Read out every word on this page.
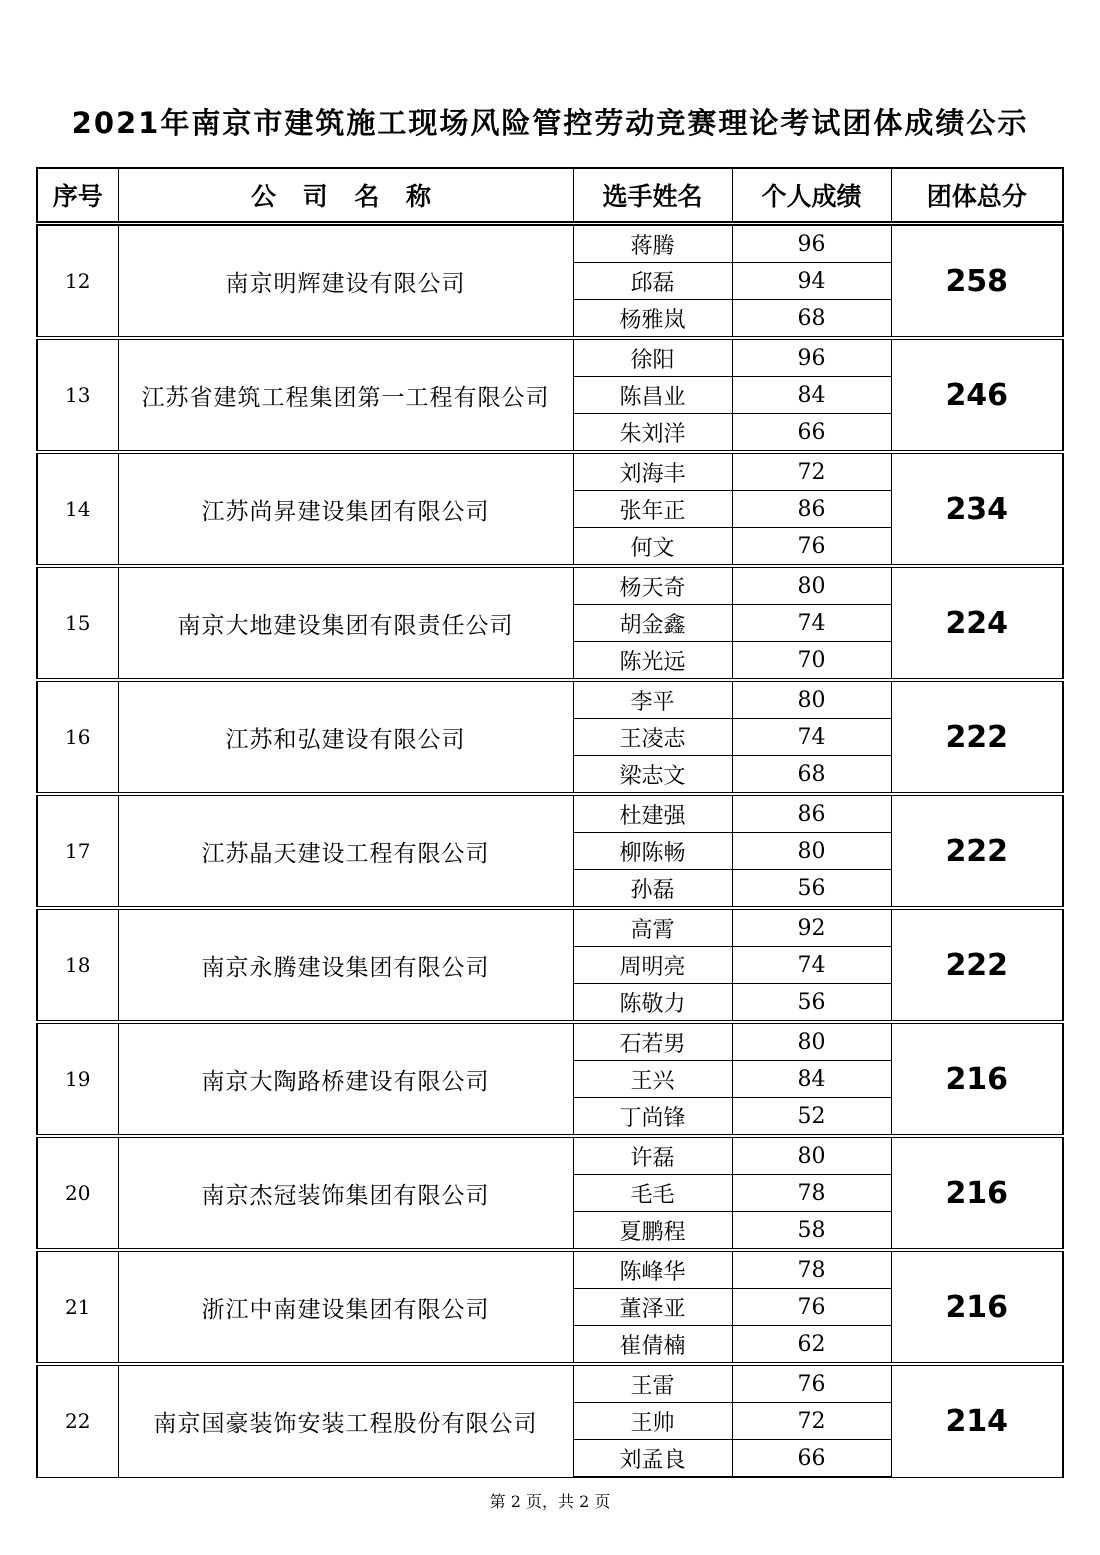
2021年南京市建筑施工现场风险管控劳动竞赛理论考试团体成绩公示
序号	公 司 名 称	选手姓名	个人成绩	团体总分
12	南京明辉建设有限公司	蒋腾	96	258
		邱磊	94	
		杨雅岚	68	
13	江苏省建筑工程集团第一工程有限公司	徐阳	96	246
		陈昌业	84	
		朱刘洋	66	
14	江苏尚昇建设集团有限公司	刘海丰	72	234
		张年正	86	
		何文	76	
15	南京大地建设集团有限责任公司	杨天奇	80	224
		胡金鑫	74	
		陈光远	70	
16	江苏和弘建设有限公司	李平	80	222
		王凌志	74	
		梁志文	68	
17	江苏晶天建设工程有限公司	杜建强	86	222
		柳陈畅	80	
		孙磊	56	
18	南京永腾建设集团有限公司	高霄	92	222
		周明亮	74	
		陈敬力	56	
19	南京大陶路桥建设有限公司	石若男	80	216
		王兴	84	
		丁尚锋	52	
20	南京杰冠装饰集团有限公司	许磊	80	216
		毛毛	78	
		夏鹏程	58	
21	浙江中南建设集团有限公司	陈峰华	78	216
		董泽亚	76	
		崔倩楠	62	
22	南京国豪装饰安装工程股份有限公司	王雷	76	214
		王帅	72	
		刘孟良	66	
第 2 页，共 2 页
